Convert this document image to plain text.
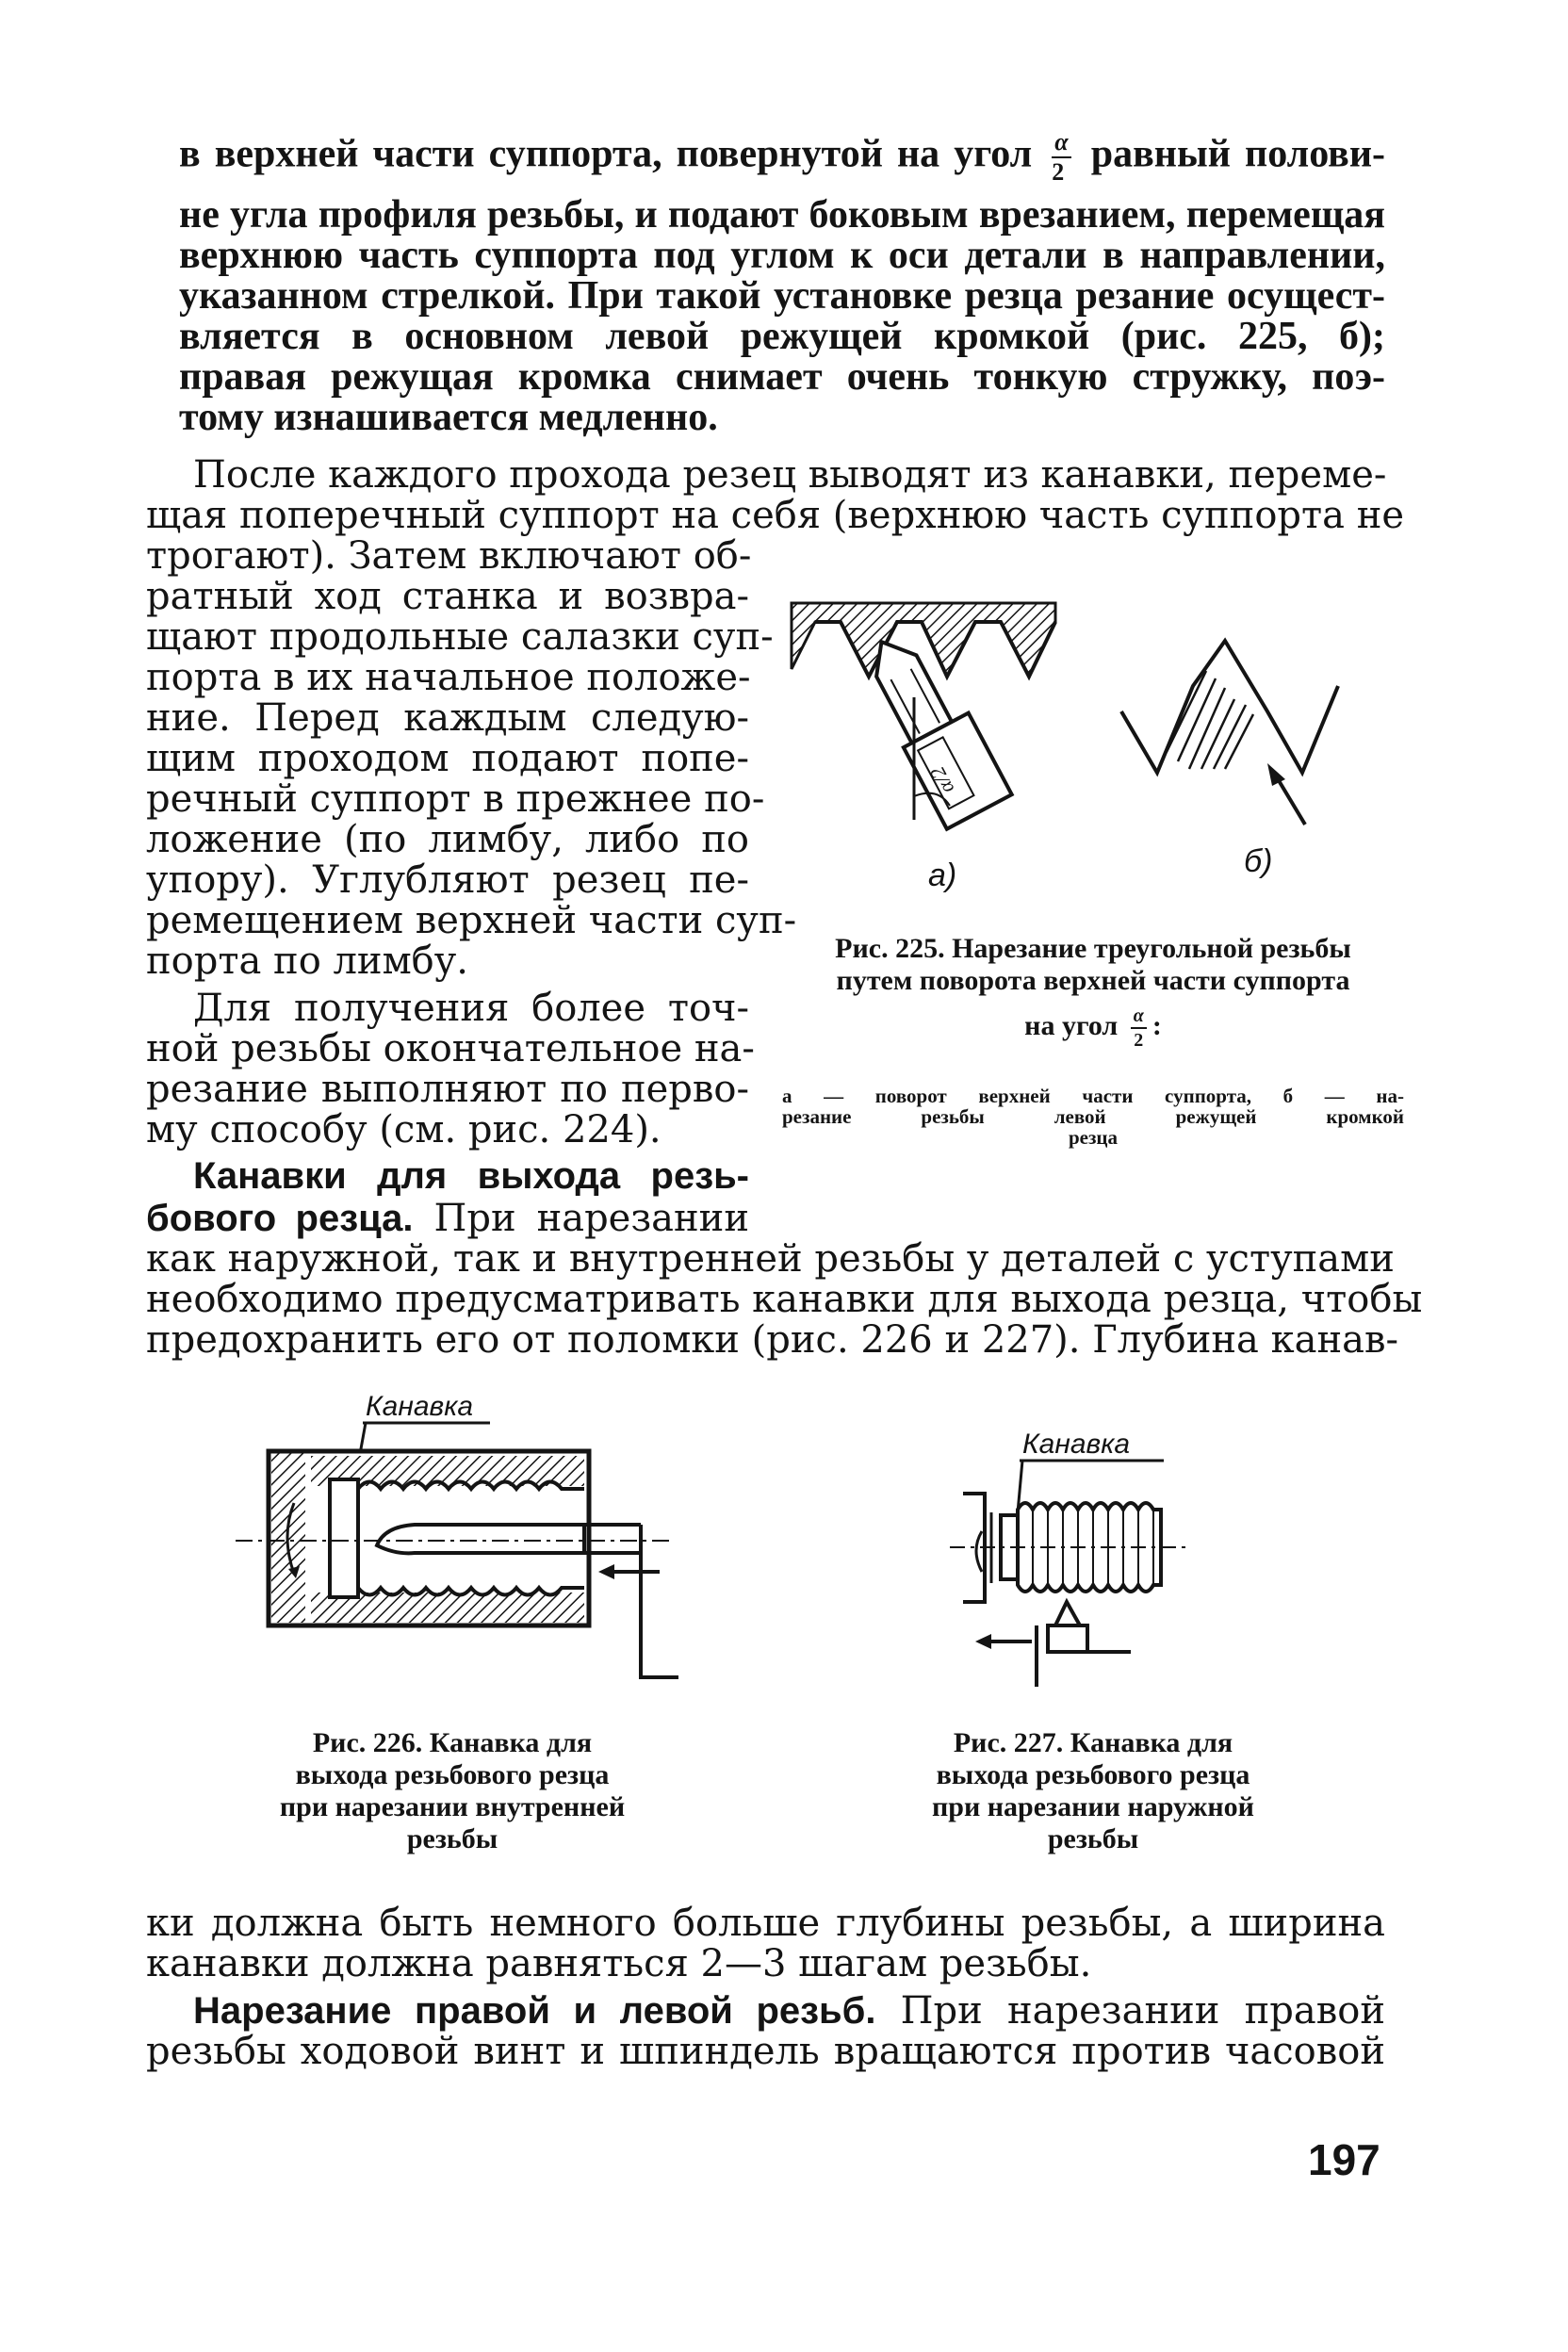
в верхней части суппорта, повернутой на угол $\frac{\alpha}{2}$ равный полови-
не угла профиля резьбы, и подают боковым врезанием, перемещая
верхнюю часть суппорта под углом к оси детали в направлении,
указанном стрелкой. При такой установке резца резание осущест-
вляется в основном левой режущей кромкой (рис. 225, б);
правая режущая кромка снимает очень тонкую стружку, поэ-
тому изнашивается медленно.
После каждого прохода резец выводят из канавки, переме-
щая поперечный суппорт на себя (верхнюю часть суппорта не
трогают). Затем включают об-
ратный ход станка и возвра-
щают продольные салазки суп-
порта в их начальное положе-
ние. Перед каждым следую-
щим проходом подают попе-
речный суппорт в прежнее по-
ложение (по лимбу, либо по
упору). Углубляют резец пе-
ремещением верхней части суп-
порта по лимбу.
Для получения более точ-
ной резьбы окончательное на-
резание выполняют по перво-
му способу (см. рис. 224).
Канавки для выхода резь-
бового резца. При нарезании
как наружной, так и внутренней резьбы у деталей с уступами
необходимо предусматривать канавки для выхода резца, чтобы
предохранить его от поломки (рис. 226 и 227). Глубина канав-
α/2
а)	б)
Рис. 225. Нарезание треугольной резьбы
путем поворота верхней части суппорта
на угол $\frac{\alpha}{2}$ :
а — поворот верхней части суппорта, б — на-
резание резьбы левой режущей кромкой
резца
Канавка
Рис. 226. Канавка для
выхода резьбового резца
при нарезании внутренней
резьбы
Канавка
Рис. 227. Канавка для
выхода резьбового резца
при нарезании наружной
резьбы
ки должна быть немного больше глубины резьбы, а ширина
канавки должна равняться 2—3 шагам резьбы.
Нарезание правой и левой резьб. При нарезании правой
резьбы ходовой винт и шпиндель вращаются против часовой
197
